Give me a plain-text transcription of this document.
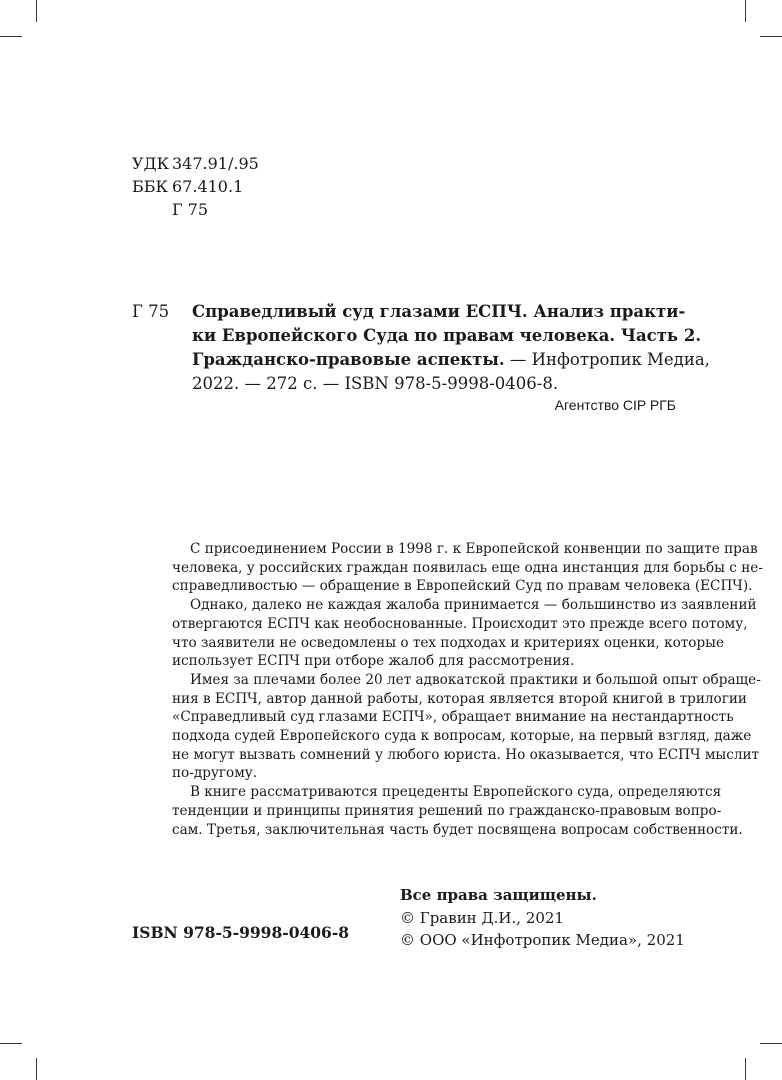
УДК 347.91/.95
ББК 67.410.1
Г 75
Г 75 Справедливый суд глазами ЕСПЧ. Анализ практи-
ки Европейского Суда по правам человека. Часть 2.
Гражданско-правовые аспекты. — Инфотропик Медиа,
2022. — 272 с. — ISBN 978-5-9998-0406-8.
Агентство CIP РГБ
С присоединением России в 1998 г. к Европейской конвенции по защите прав
человека, у российских граждан появилась еще одна инстанция для борьбы с не-
справедливостью — обращение в Европейский Суд по правам человека (ЕСПЧ).
Однако, далеко не каждая жалоба принимается — большинство из заявлений
отвергаются ЕСПЧ как необоснованные. Происходит это прежде всего потому,
что заявители не осведомлены о тех подходах и критериях оценки, которые
использует ЕСПЧ при отборе жалоб для рассмотрения.
Имея за плечами более 20 лет адвокатской практики и большой опыт обраще-
ния в ЕСПЧ, автор данной работы, которая является второй книгой в трилогии
«Справедливый суд глазами ЕСПЧ», обращает внимание на нестандартность
подхода судей Европейского суда к вопросам, которые, на первый взгляд, даже
не могут вызвать сомнений у любого юриста. Но оказывается, что ЕСПЧ мыслит
по-другому.
В книге рассматриваются прецеденты Европейского суда, определяются
тенденции и принципы принятия решений по гражданско-правовым вопро-
сам. Третья, заключительная часть будет посвящена вопросам собственности.
ISBN 978-5-9998-0406-8
Все права защищены.
© Гравин Д.И., 2021
© ООО «Инфотропик Медиа», 2021
